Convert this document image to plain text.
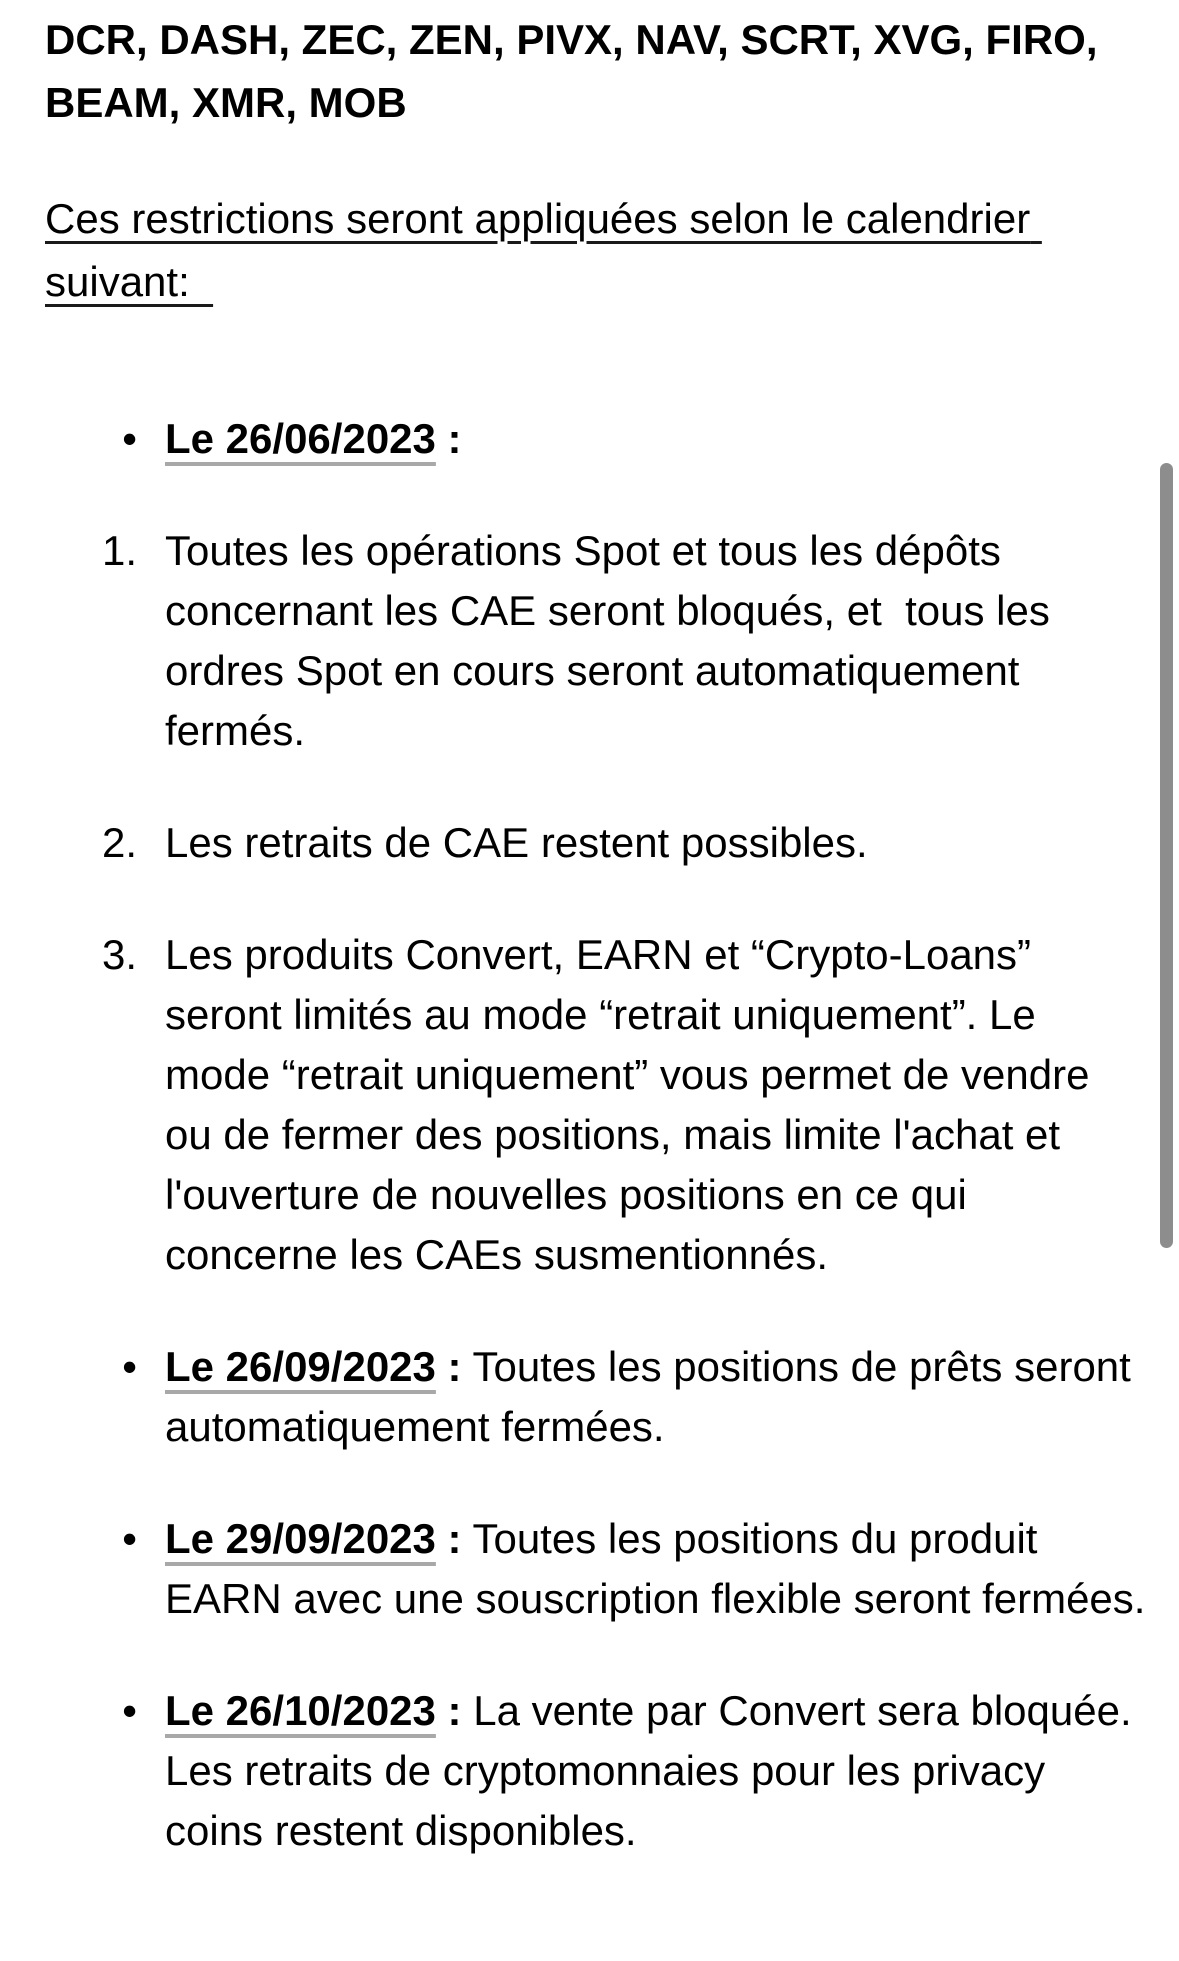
DCR, DASH, ZEC, ZEN, PIVX, NAV, SCRT, XVG, FIRO, BEAM, XMR, MOB

Ces restrictions seront appliquées selon le calendrier suivant:

• Le 26/06/2023 :
1. Toutes les opérations Spot et tous les dépôts concernant les CAE seront bloqués, et  tous les ordres Spot en cours seront automatiquement fermés.
2. Les retraits de CAE restent possibles.
3. Les produits Convert, EARN et “Crypto-Loans” seront limités au mode “retrait uniquement”. Le mode “retrait uniquement” vous permet de vendre ou de fermer des positions, mais limite l'achat et l'ouverture de nouvelles positions en ce qui concerne les CAEs susmentionnés.
• Le 26/09/2023 : Toutes les positions de prêts seront automatiquement fermées.
• Le 29/09/2023 : Toutes les positions du produit EARN avec une souscription flexible seront fermées.
• Le 26/10/2023 : La vente par Convert sera bloquée. Les retraits de cryptomonnaies pour les privacy coins restent disponibles.
